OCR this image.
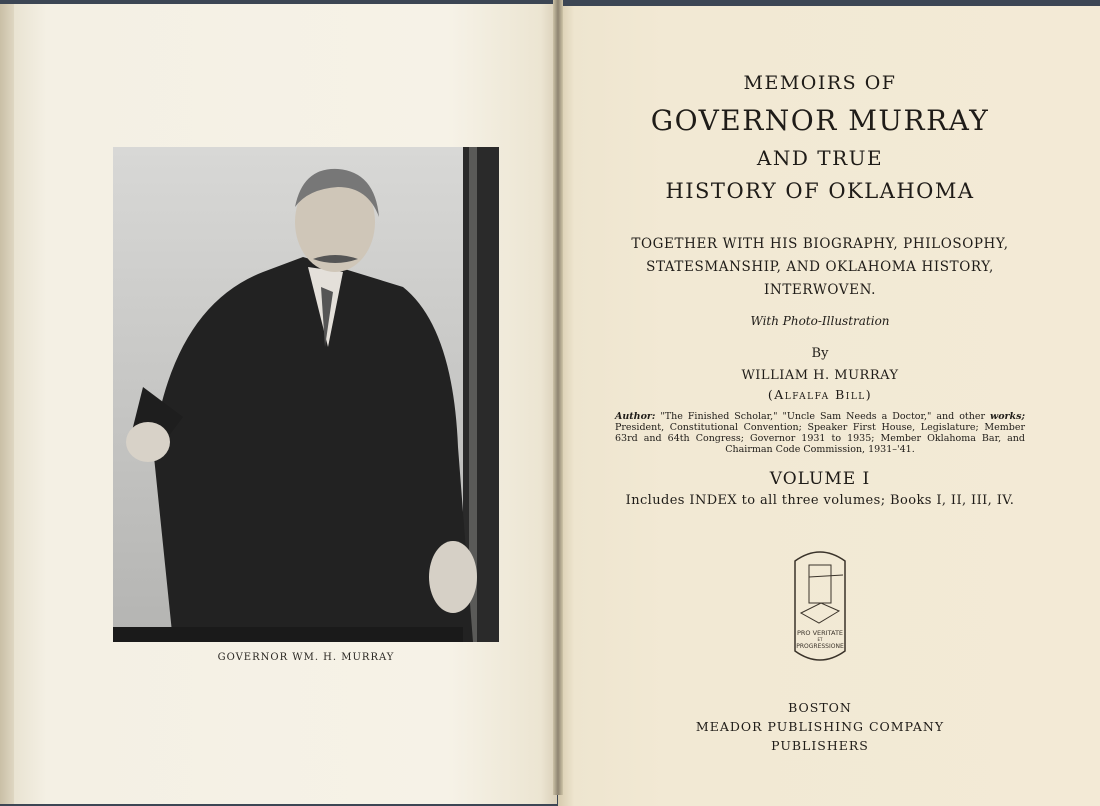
GOVERNOR WM. H. MURRAY
MEMOIRS OF
GOVERNOR MURRAY
AND TRUE
HISTORY OF OKLAHOMA
TOGETHER WITH HIS BIOGRAPHY, PHILOSOPHY,
STATESMANSHIP, AND OKLAHOMA HISTORY,
INTERWOVEN.
With Photo-Illustration
By
WILLIAM H. MURRAY
(Alfalfa Bill)
Author: "The Finished Scholar," "Uncle Sam Needs a Doctor," and other works; President, Constitutional Convention; Speaker First House, Legislature; Member 63rd and 64th Congress; Governor 1931 to 1935; Member Oklahoma Bar, and Chairman Code Commission, 1931–'41.
VOLUME I
Includes INDEX to all three volumes; Books I, II, III, IV.
PRO VERITATE
ET
PROGRESSIONE
BOSTON
MEADOR PUBLISHING COMPANY
PUBLISHERS
